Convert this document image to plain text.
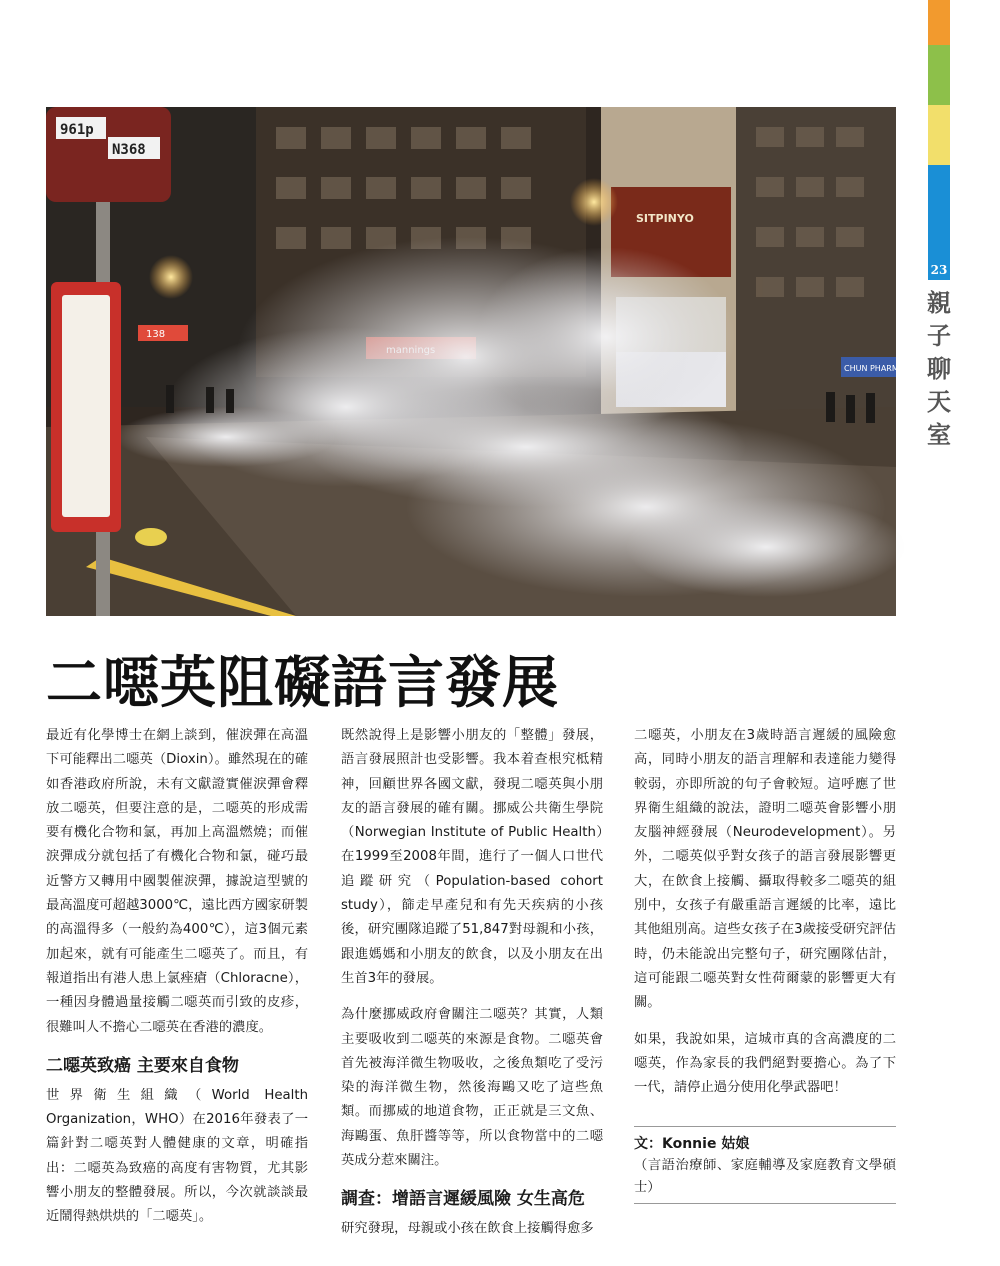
23
親子聊天室
SITPINYO
138
CHUN PHARMA
961p
N368
二噁英阻礙語言發展

最近有化學博士在網上談到，催淚彈在高溫下可能釋出二噁英（Dioxin）。雖然現在的確如香港政府所說，未有文獻證實催淚彈會釋放二噁英，但要注意的是，二噁英的形成需要有機化合物和氯，再加上高溫燃燒；而催淚彈成分就包括了有機化合物和氯，碰巧最近警方又轉用中國製催淚彈，據說這型號的最高溫度可超越3000℃，遠比西方國家研製的高溫得多（一般約為400℃），這3個元素加起來，就有可能產生二噁英了。而且，有報道指出有港人患上氯痤瘡（Chloracne），一種因身體過量接觸二噁英而引致的皮疹，很難叫人不擔心二噁英在香港的濃度。

二噁英致癌 主要來自食物

世界衛生組織（World Health Organization，WHO）在2016年發表了一篇針對二噁英對人體健康的文章，明確指出：二噁英為致癌的高度有害物質，尤其影響小朋友的整體發展。所以，今次就談談最近鬧得熱烘烘的「二噁英」。

既然說得上是影響小朋友的「整體」發展，語言發展照計也受影響。我本着查根究柢精神，回顧世界各國文獻，發現二噁英與小朋友的語言發展的確有關。挪威公共衛生學院（Norwegian Institute of Public Health）在1999至2008年間，進行了一個人口世代追蹤研究（Population-based cohort study），篩走早產兒和有先天疾病的小孩後，研究團隊追蹤了51,847對母親和小孩，跟進媽媽和小朋友的飲食，以及小朋友在出生首3年的發展。

為什麼挪威政府會關注二噁英？其實，人類主要吸收到二噁英的來源是食物。二噁英會首先被海洋微生物吸收，之後魚類吃了受污染的海洋微生物，然後海鷗又吃了這些魚類。而挪威的地道食物，正正就是三文魚、海鷗蛋、魚肝醬等等，所以食物當中的二噁英成分惹來關注。

調查：增語言遲緩風險 女生高危

研究發現，母親或小孩在飲食上接觸得愈多

二噁英，小朋友在3歲時語言遲緩的風險愈高，同時小朋友的語言理解和表達能力變得較弱，亦即所說的句子會較短。這呼應了世界衛生組織的說法，證明二噁英會影響小朋友腦神經發展（Neurodevelopment）。另外，二噁英似乎對女孩子的語言發展影響更大，在飲食上接觸、攝取得較多二噁英的組別中，女孩子有嚴重語言遲緩的比率，遠比其他組別高。這些女孩子在3歲接受研究評估時，仍未能說出完整句子，研究團隊估計，這可能跟二噁英對女性荷爾蒙的影響更大有關。

如果，我說如果，這城市真的含高濃度的二噁英，作為家長的我們絕對要擔心。為了下一代，請停止過分使用化學武器吧！

文：Konnie 姑娘
（言語治療師、家庭輔導及家庭教育文學碩士）
